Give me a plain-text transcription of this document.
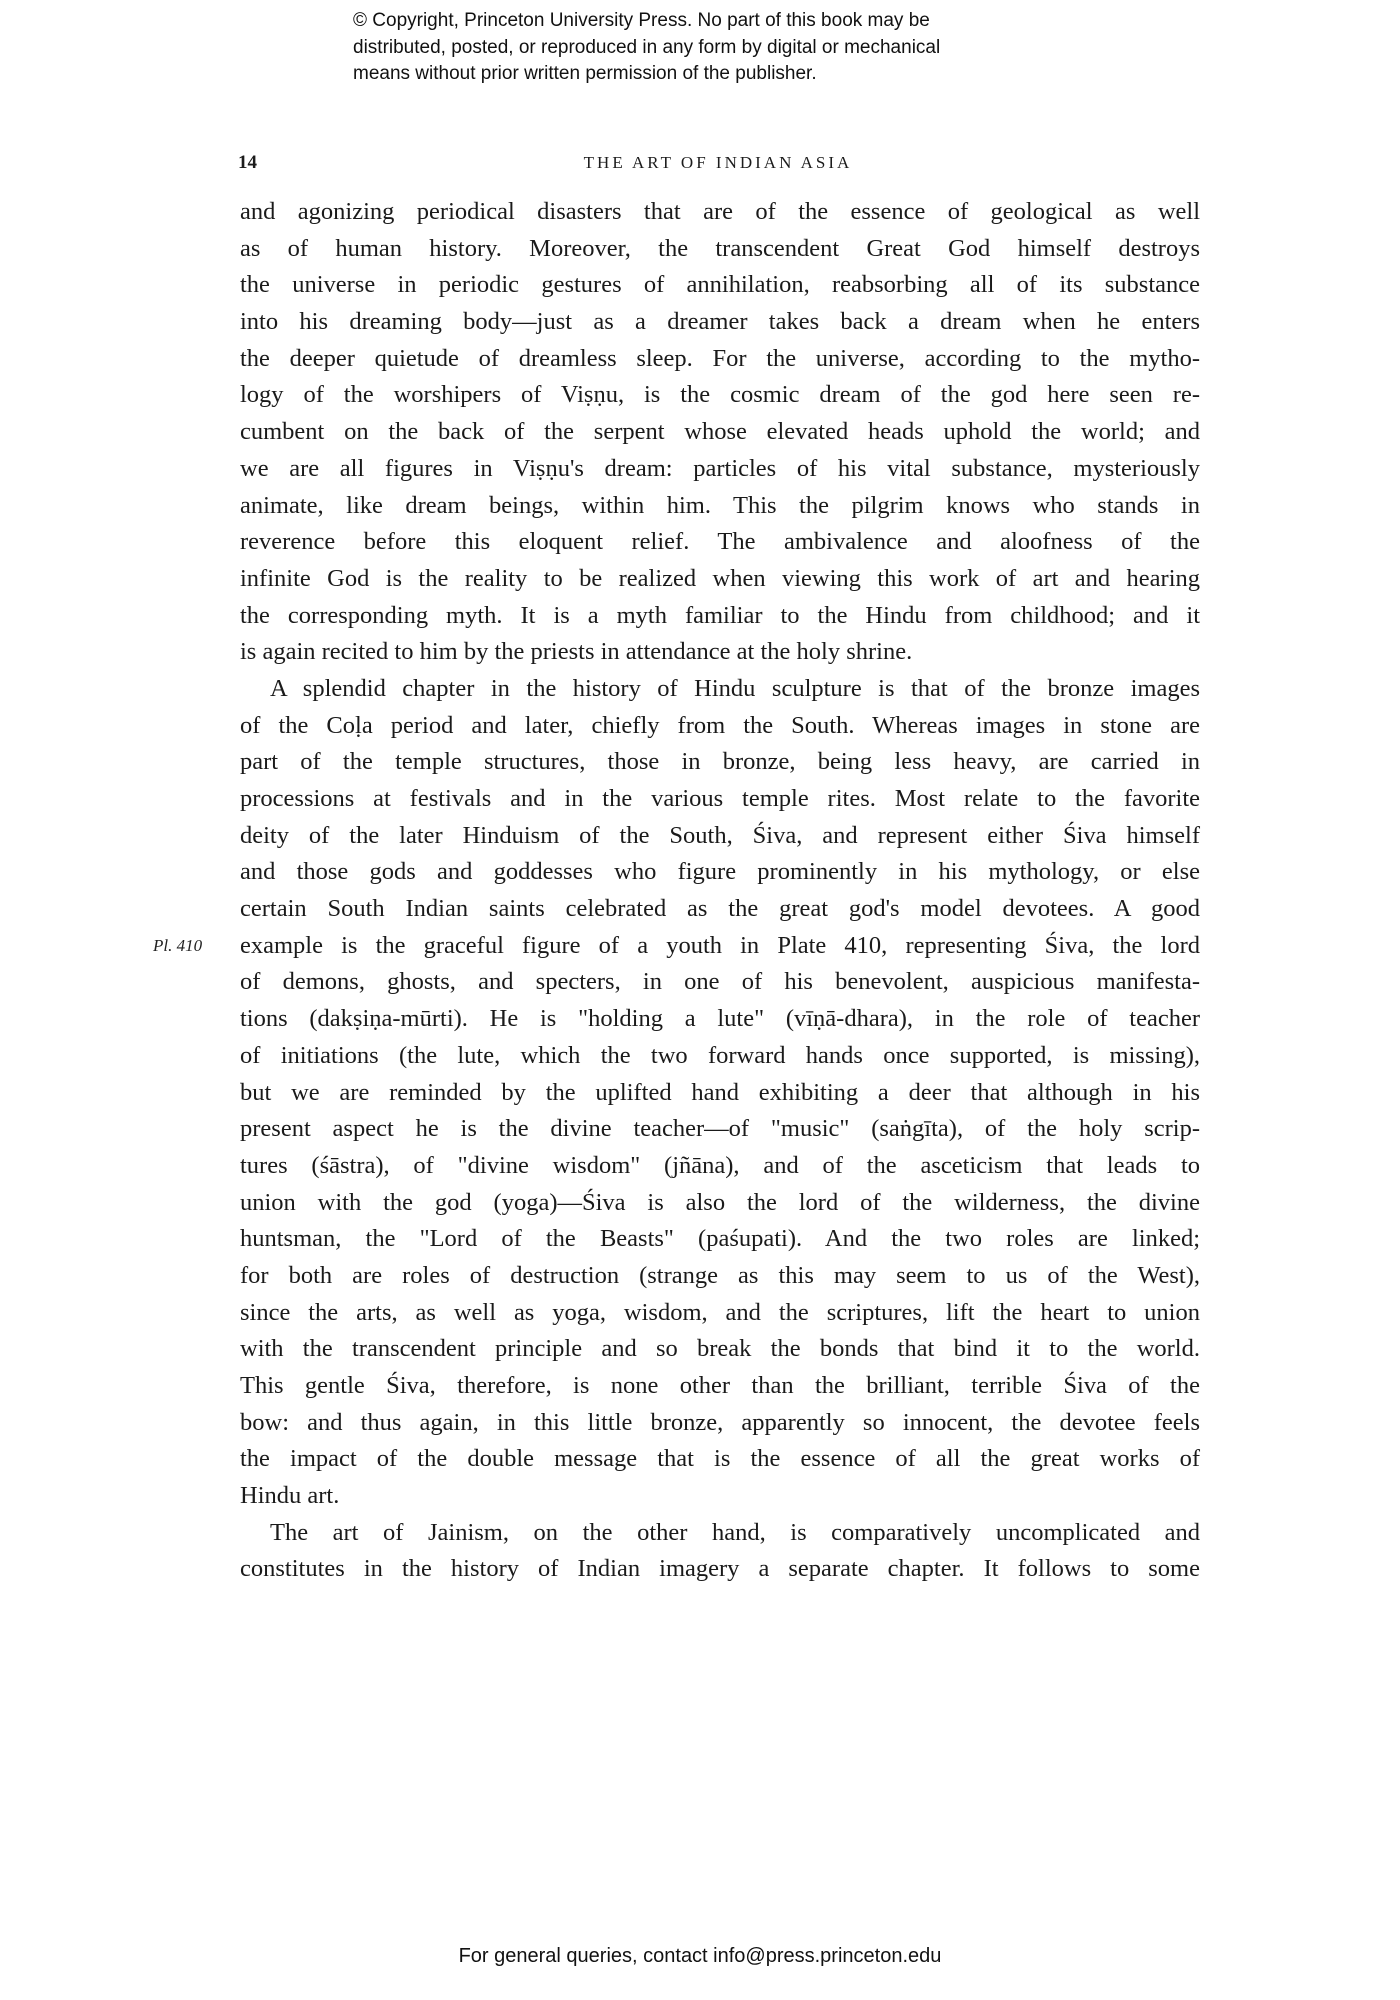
© Copyright, Princeton University Press. No part of this book may be
distributed, posted, or reproduced in any form by digital or mechanical
means without prior written permission of the publisher.
14	THE ART OF INDIAN ASIA
Pl. 410

and agonizing periodical disasters that are of the essence of geological as well
as of human history. Moreover, the transcendent Great God himself destroys
the universe in periodic gestures of annihilation, reabsorbing all of its substance
into his dreaming body—just as a dreamer takes back a dream when he enters
the deeper quietude of dreamless sleep. For the universe, according to the mytho-
logy of the worshipers of Viṣṇu, is the cosmic dream of the god here seen re-
cumbent on the back of the serpent whose elevated heads uphold the world; and
we are all figures in Viṣṇu's dream: particles of his vital substance, mysteriously
animate, like dream beings, within him. This the pilgrim knows who stands in
reverence before this eloquent relief. The ambivalence and aloofness of the
infinite God is the reality to be realized when viewing this work of art and hearing
the corresponding myth. It is a myth familiar to the Hindu from childhood; and it
is again recited to him by the priests in attendance at the holy shrine.

A splendid chapter in the history of Hindu sculpture is that of the bronze images
of the Coḷa period and later, chiefly from the South. Whereas images in stone are
part of the temple structures, those in bronze, being less heavy, are carried in
processions at festivals and in the various temple rites. Most relate to the favorite
deity of the later Hinduism of the South, Śiva, and represent either Śiva himself
and those gods and goddesses who figure prominently in his mythology, or else
certain South Indian saints celebrated as the great god's model devotees. A good
example is the graceful figure of a youth in Plate 410, representing Śiva, the lord
of demons, ghosts, and specters, in one of his benevolent, auspicious manifesta-
tions (dakṣiṇa-mūrti). He is "holding a lute" (vīṇā-dhara), in the role of teacher
of initiations (the lute, which the two forward hands once supported, is missing),
but we are reminded by the uplifted hand exhibiting a deer that although in his
present aspect he is the divine teacher—of "music" (saṅgīta), of the holy scrip-
tures (śāstra), of "divine wisdom" (jñāna), and of the asceticism that leads to
union with the god (yoga)—Śiva is also the lord of the wilderness, the divine
huntsman, the "Lord of the Beasts" (paśupati). And the two roles are linked;
for both are roles of destruction (strange as this may seem to us of the West),
since the arts, as well as yoga, wisdom, and the scriptures, lift the heart to union
with the transcendent principle and so break the bonds that bind it to the world.
This gentle Śiva, therefore, is none other than the brilliant, terrible Śiva of the
bow: and thus again, in this little bronze, apparently so innocent, the devotee feels
the impact of the double message that is the essence of all the great works of
Hindu art.

The art of Jainism, on the other hand, is comparatively uncomplicated and
constitutes in the history of Indian imagery a separate chapter. It follows to some

For general queries, contact info@press.princeton.edu
